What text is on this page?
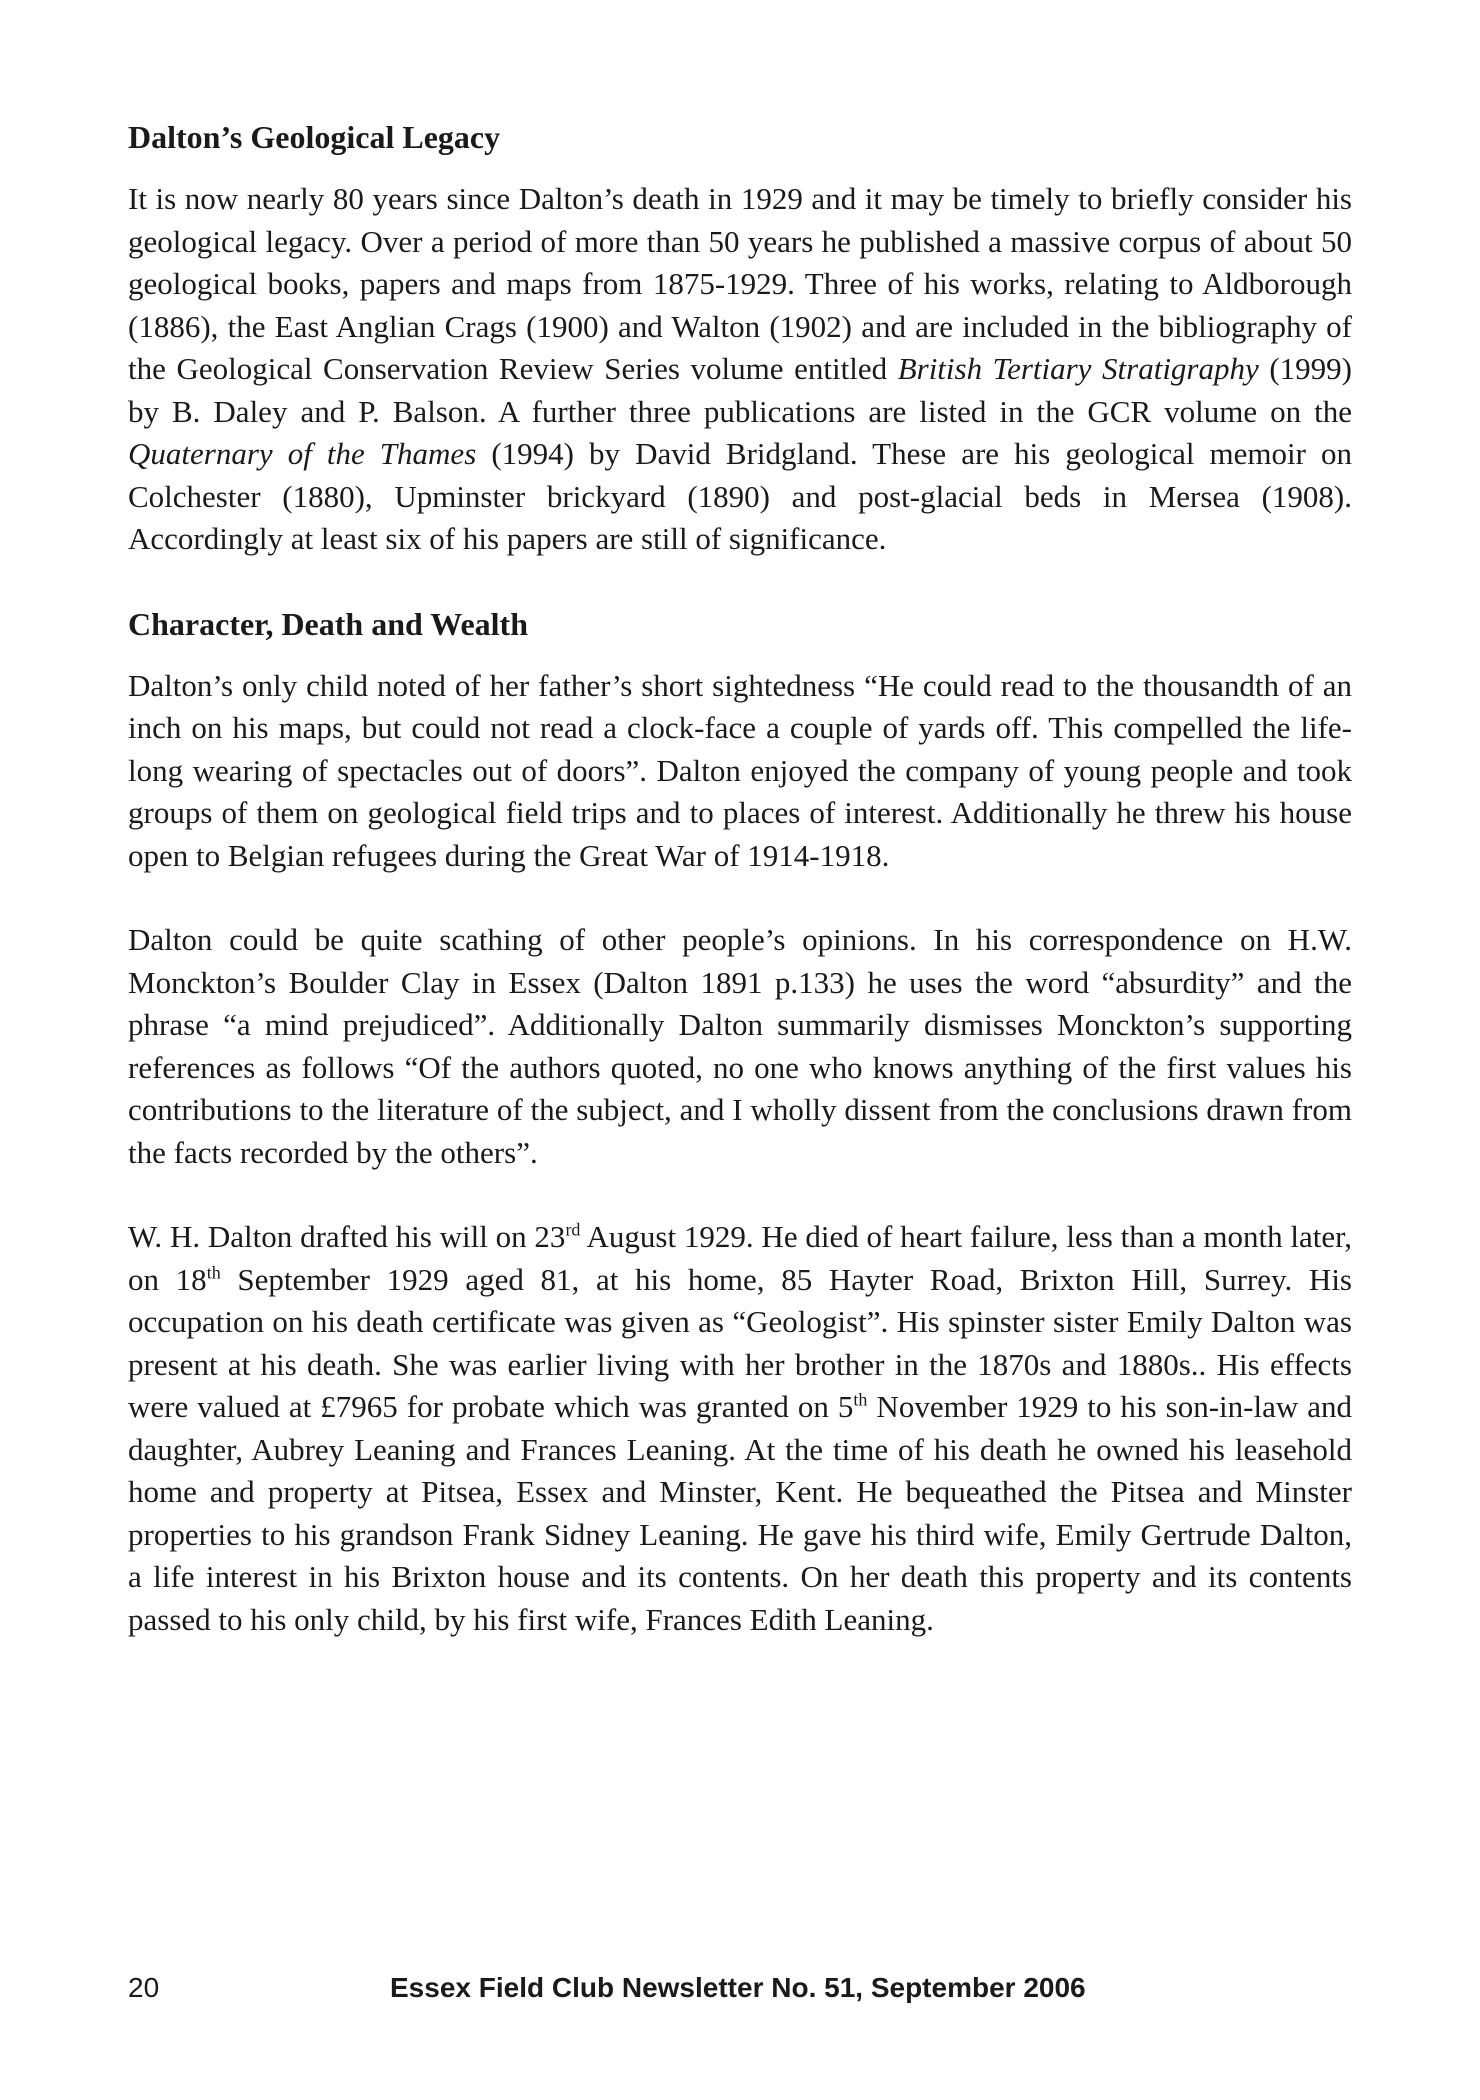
Dalton’s Geological Legacy

It is now nearly 80 years since Dalton’s death in 1929 and it may be timely to briefly consider his geological legacy. Over a period of more than 50 years he published a massive corpus of about 50 geological books, papers and maps from 1875-1929. Three of his works, relating to Aldborough (1886), the East Anglian Crags (1900) and Walton (1902) and are included in the bibliography of the Geological Conservation Review Series volume entitled British Tertiary Stratigraphy (1999) by B. Daley and P. Balson. A further three publications are listed in the GCR volume on the Quaternary of the Thames (1994) by David Bridgland. These are his geological memoir on Colchester (1880), Upminster brickyard (1890) and post-glacial beds in Mersea (1908). Accordingly at least six of his papers are still of significance.

Character, Death and Wealth

Dalton’s only child noted of her father’s short sightedness “He could read to the thousandth of an inch on his maps, but could not read a clock-face a couple of yards off. This compelled the life-long wearing of spectacles out of doors”. Dalton enjoyed the company of young people and took groups of them on geological field trips and to places of interest. Additionally he threw his house open to Belgian refugees during the Great War of 1914-1918.

Dalton could be quite scathing of other people’s opinions. In his correspondence on H.W. Monckton’s Boulder Clay in Essex (Dalton 1891 p.133) he uses the word “absurdity” and the phrase “a mind prejudiced”. Additionally Dalton summarily dismisses Monckton’s supporting references as follows “Of the authors quoted, no one who knows anything of the first values his contributions to the literature of the subject, and I wholly dissent from the conclusions drawn from the facts recorded by the others”.

W. H. Dalton drafted his will on 23rd August 1929. He died of heart failure, less than a month later, on 18th September 1929 aged 81, at his home, 85 Hayter Road, Brixton Hill, Surrey. His occupation on his death certificate was given as “Geologist”. His spinster sister Emily Dalton was present at his death. She was earlier living with her brother in the 1870s and 1880s.. His effects were valued at £7965 for probate which was granted on 5th November 1929 to his son-in-law and daughter, Aubrey Leaning and Frances Leaning. At the time of his death he owned his leasehold home and property at Pitsea, Essex and Minster, Kent. He bequeathed the Pitsea and Minster properties to his grandson Frank Sidney Leaning. He gave his third wife, Emily Gertrude Dalton, a life interest in his Brixton house and its contents. On her death this property and its contents passed to his only child, by his first wife, Frances Edith Leaning.

20	Essex Field Club Newsletter No. 51, September 2006
